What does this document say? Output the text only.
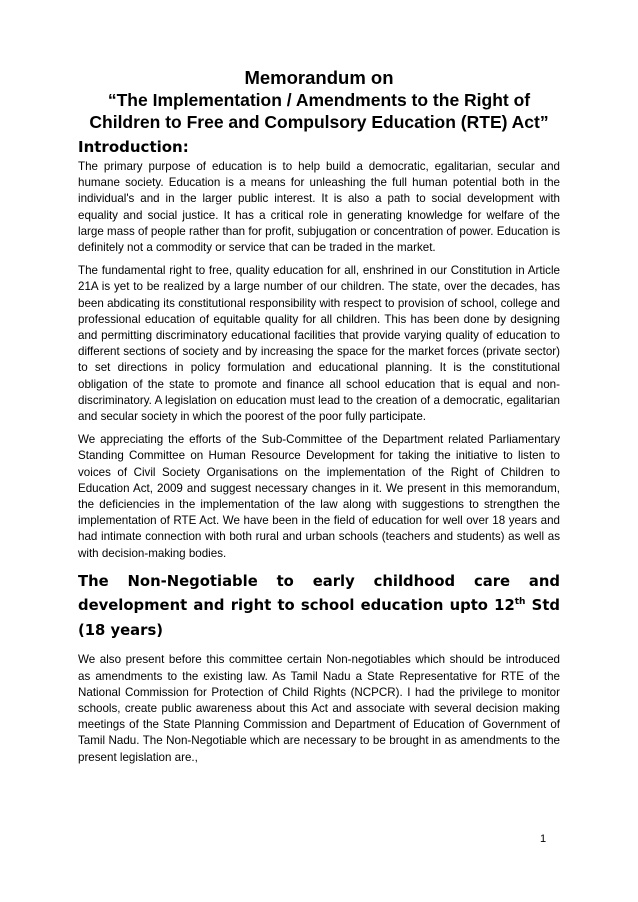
Memorandum on
“The Implementation / Amendments to the Right of
Children to Free and Compulsory Education (RTE) Act”
Introduction:

The primary purpose of education is to help build a democratic, egalitarian, secular and humane society. Education is a means for unleashing the full human potential both in the individual's and in the larger public interest. It is also a path to social development with equality and social justice. It has a critical role in generating knowledge for welfare of the large mass of people rather than for profit, subjugation or concentration of power. Education is definitely not a commodity or service that can be traded in the market.

The fundamental right to free, quality education for all, enshrined in our Constitution in Article 21A is yet to be realized by a large number of our children. The state, over the decades, has been abdicating its constitutional responsibility with respect to provision of school, college and professional education of equitable quality for all children. This has been done by designing and permitting discriminatory educational facilities that provide varying quality of education to different sections of society and by increasing the space for the market forces (private sector) to set directions in policy formulation and educational planning. It is the constitutional obligation of the state to promote and finance all school education that is equal and non-discriminatory. A legislation on education must lead to the creation of a democratic, egalitarian and secular society in which the poorest of the poor fully participate.

We appreciating the efforts of the Sub-Committee of the Department related Parliamentary Standing Committee on Human Resource Development for taking the initiative to listen to voices of Civil Society Organisations on the implementation of the Right of Children to Education Act, 2009 and suggest necessary changes in it. We present in this memorandum, the deficiencies in the implementation of the law along with suggestions to strengthen the implementation of RTE Act. We have been in the field of education for well over 18 years and had intimate connection with both rural and urban schools (teachers and students) as well as with decision-making bodies.

The Non-Negotiable to early childhood care and development and right to school education upto 12th Std (18 years)

We also present before this committee certain Non-negotiables which should be introduced as amendments to the existing law. As Tamil Nadu a State Representative for RTE of the National Commission for Protection of Child Rights (NCPCR). I had the privilege to monitor schools, create public awareness about this Act and associate with several decision making meetings of the State Planning Commission and Department of Education of Government of Tamil Nadu. The Non-Negotiable which are necessary to be brought in as amendments to the present legislation are.,

1
